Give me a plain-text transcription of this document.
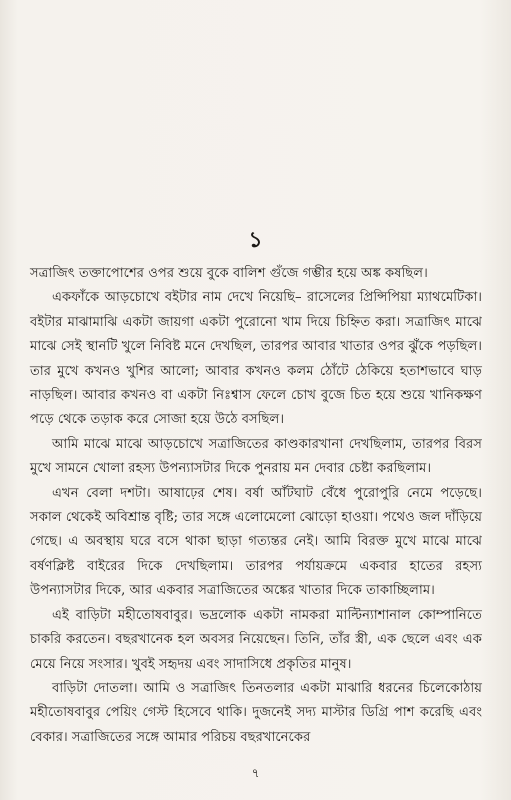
১

সত্রাজিৎ তক্তাপোশের ওপর শুয়ে বুকে বালিশ গুঁজে গম্ভীর হয়ে অঙ্ক কষছিল।

একফাঁকে আড়চোখে বইটার নাম দেখে নিয়েছি– রাসেলের প্রিন্সিপিয়া ম্যাথমেটিকা। বইটার মাঝামাঝি একটা জায়গা একটা পুরোনো খাম দিয়ে চিহ্নিত করা। সত্রাজিৎ মাঝে মাঝে সেই স্থানটি খুলে নিবিষ্ট মনে দেখছিল, তারপর আবার খাতার ওপর ঝুঁকে পড়ছিল। তার মুখে কখনও খুশির আলো; আবার কখনও কলম ঠোঁটে ঠেকিয়ে হতাশভাবে ঘাড় নাড়ছিল। আবার কখনও বা একটা নিঃশ্বাস ফেলে চোখ বুজে চিত হয়ে শুয়ে খানিকক্ষণ পড়ে থেকে তড়াক করে সোজা হয়ে উঠে বসছিল।

আমি মাঝে মাঝে আড়চোখে সত্রাজিতের কাণ্ডকারখানা দেখছিলাম, তারপর বিরস মুখে সামনে খোলা রহস্য উপন্যাসটার দিকে পুনরায় মন দেবার চেষ্টা করছিলাম।

এখন বেলা দশটা। আষাঢ়ের শেষ। বর্ষা আঁটঘাট বেঁধে পুরোপুরি নেমে পড়েছে। সকাল থেকেই অবিশ্রান্ত বৃষ্টি; তার সঙ্গে এলোমেলো ঝোড়ো হাওয়া। পথেও জল দাঁড়িয়ে গেছে। এ অবস্থায় ঘরে বসে থাকা ছাড়া গত্যন্তর নেই। আমি বিরক্ত মুখে মাঝে মাঝে বর্ষণক্লিষ্ট বাইরের দিকে দেখছিলাম। তারপর পর্যায়ক্রমে একবার হাতের রহস্য উপন্যাসটার দিকে, আর একবার সত্রাজিতের অঙ্কের খাতার দিকে তাকাচ্ছিলাম।

এই বাড়িটা মহীতোষবাবুর। ভদ্রলোক একটা নামকরা মাল্টিন্যাশানাল কোম্পানিতে চাকরি করতেন। বছরখানেক হল অবসর নিয়েছেন। তিনি, তাঁর স্ত্রী, এক ছেলে এবং এক মেয়ে নিয়ে সংসার। খুবই সহৃদয় এবং সাদাসিধে প্রকৃতির মানুষ।

বাড়িটা দোতলা। আমি ও সত্রাজিৎ তিনতলার একটা মাঝারি ধরনের চিলেকোঠায় মহীতোষবাবুর পেয়িং গেস্ট হিসেবে থাকি। দুজনেই সদ্য মাস্টার ডিগ্রি পাশ করেছি এবং বেকার। সত্রাজিতের সঙ্গে আমার পরিচয় বছরখানেকের

৭
